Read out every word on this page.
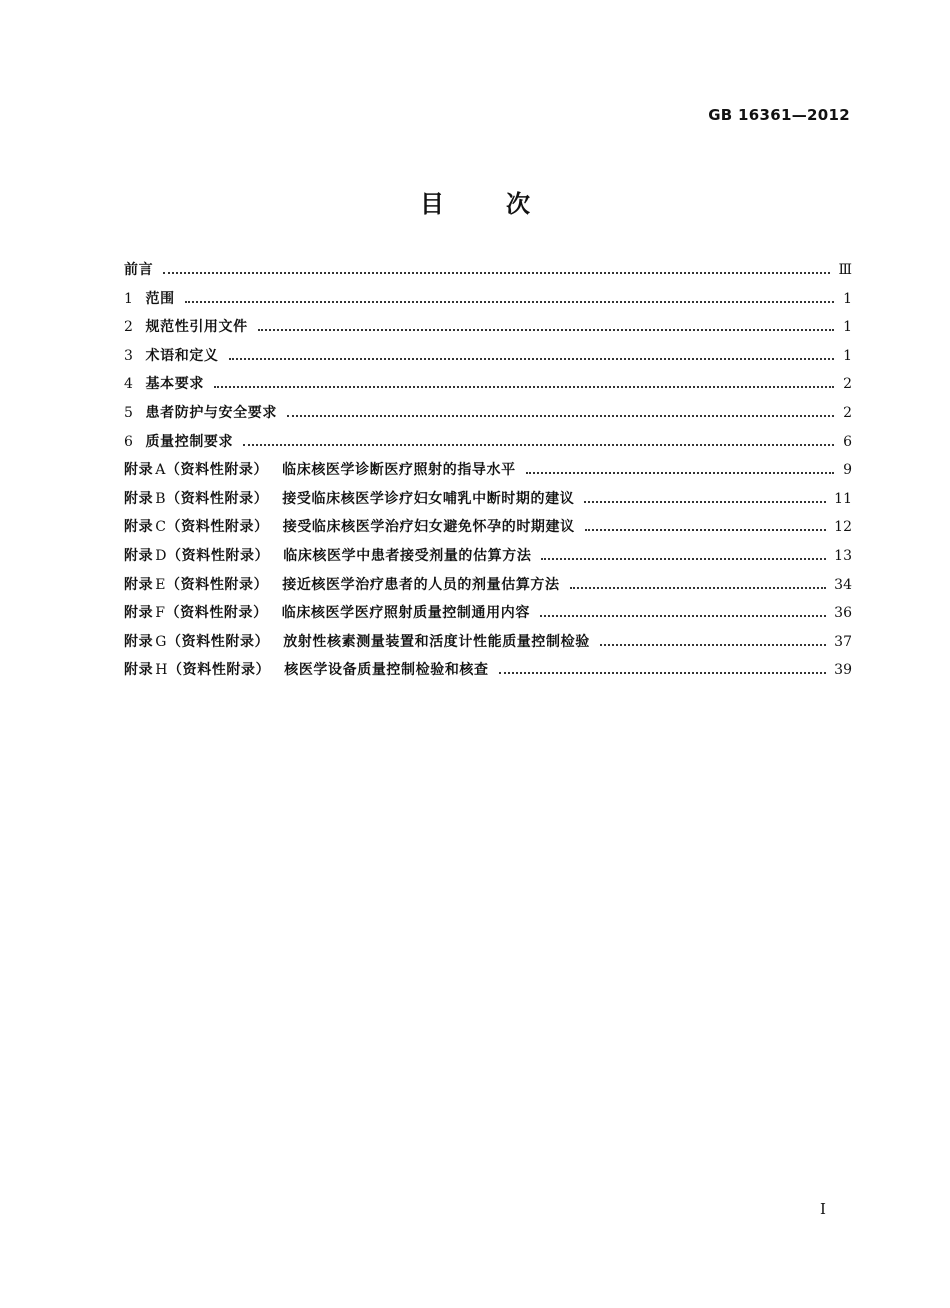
GB 16361—2012
目次
前言	Ⅲ
1 范围	1
2 规范性引用文件	1
3 术语和定义	1
4 基本要求	2
5 患者防护与安全要求	2
6 质量控制要求	6
附录 A（资料性附录） 临床核医学诊断医疗照射的指导水平	9
附录 B（资料性附录） 接受临床核医学诊疗妇女哺乳中断时期的建议	11
附录 C（资料性附录） 接受临床核医学治疗妇女避免怀孕的时期建议	12
附录 D（资料性附录） 临床核医学中患者接受剂量的估算方法	13
附录 E（资料性附录） 接近核医学治疗患者的人员的剂量估算方法	34
附录 F（资料性附录） 临床核医学医疗照射质量控制通用内容	36
附录 G（资料性附录） 放射性核素测量装置和活度计性能质量控制检验	37
附录 H（资料性附录） 核医学设备质量控制检验和核查	39
I
